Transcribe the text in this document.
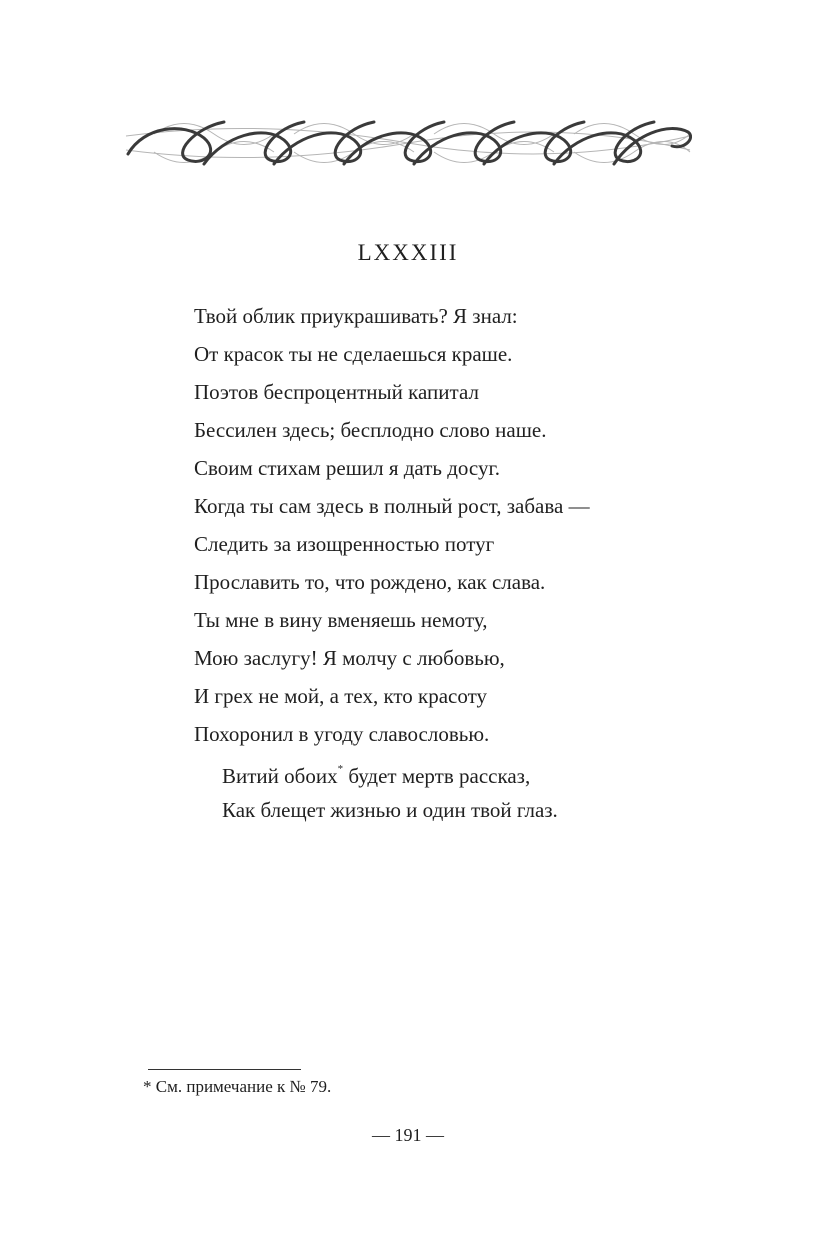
LXXXIII
Твой облик приукрашивать? Я знал:
От красок ты не сделаешься краше.
Поэтов беспроцентный капитал
Бессилен здесь; бесплодно слово наше.
Своим стихам решил я дать досуг.
Когда ты сам здесь в полный рост, забава —
Следить за изощренностью потуг
Прославить то, что рождено, как слава.
Ты мне в вину вменяешь немоту,
Мою заслугу! Я молчу с любовью,
И грех не мой, а тех, кто красоту
Похоронил в угоду славословью.
Витий обоих* будет мертв рассказ,
Как блещет жизнью и один твой глаз.
* См. примечание к № 79.
— 191 —
